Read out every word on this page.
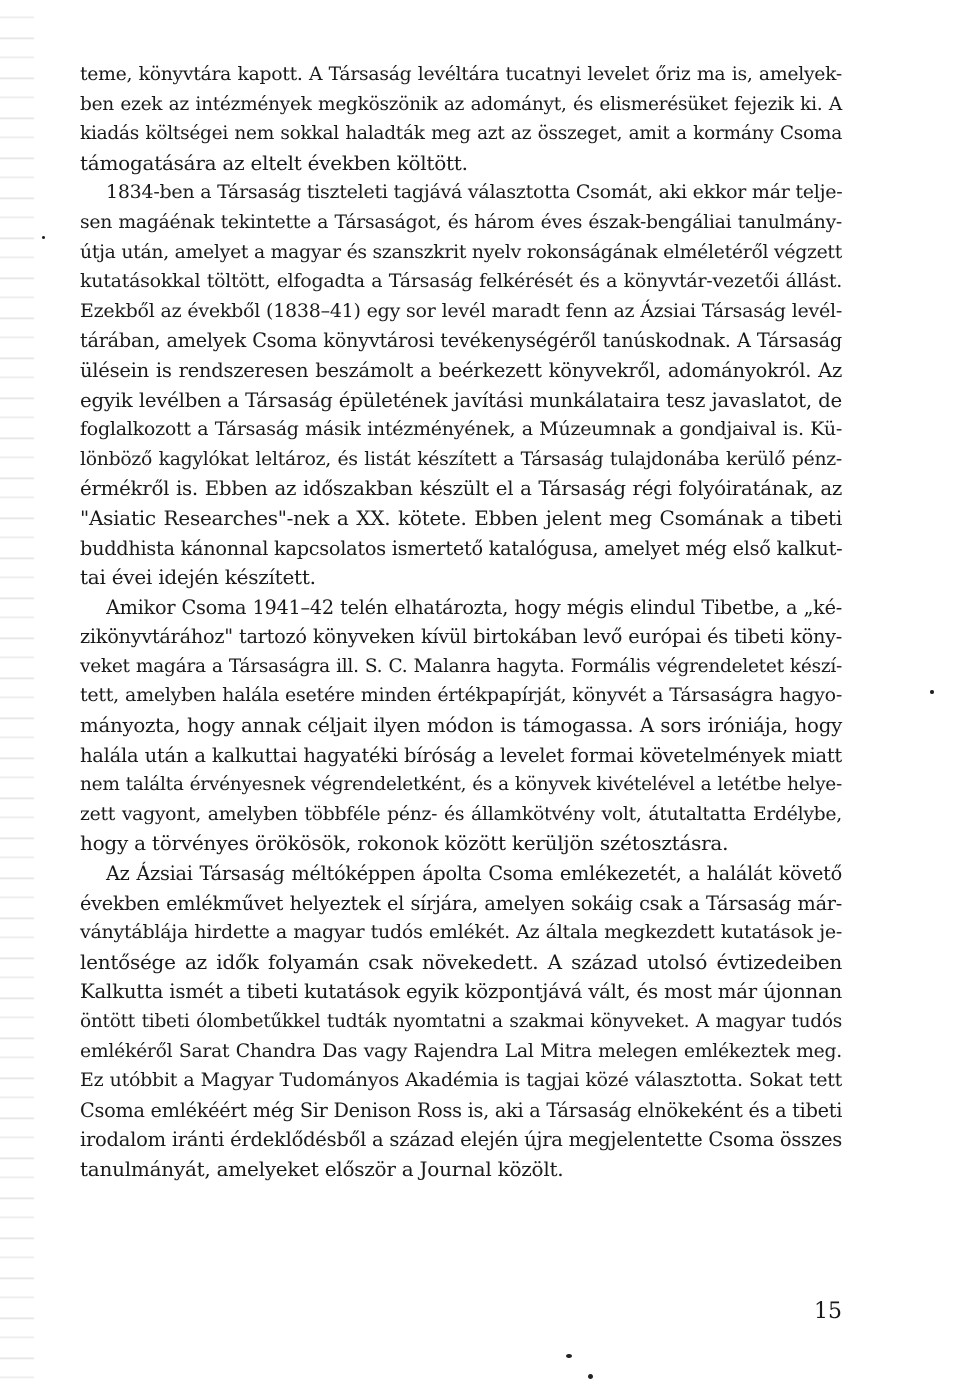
teme, könyvtára kapott. A Társaság levéltára tucatnyi levelet őriz ma is, amelyek-
ben ezek az intézmények megköszönik az adományt, és elismerésüket fejezik ki. A
kiadás költségei nem sokkal haladták meg azt az összeget, amit a kormány Csoma
támogatására az eltelt években költött.
1834-ben a Társaság tiszteleti tagjává választotta Csomát, aki ekkor már telje-
sen magáénak tekintette a Társaságot, és három éves észak-bengáliai tanulmány-
útja után, amelyet a magyar és szanszkrit nyelv rokonságának elméletéről végzett
kutatásokkal töltött, elfogadta a Társaság felkérését és a könyvtár-vezetői állást.
Ezekből az évekből (1838–41) egy sor levél maradt fenn az Ázsiai Társaság levél-
tárában, amelyek Csoma könyvtárosi tevékenységéről tanúskodnak. A Társaság
ülésein is rendszeresen beszámolt a beérkezett könyvekről, adományokról. Az
egyik levélben a Társaság épületének javítási munkálataira tesz javaslatot, de
foglalkozott a Társaság másik intézményének, a Múzeumnak a gondjaival is. Kü-
lönböző kagylókat leltároz, és listát készített a Társaság tulajdonába kerülő pénz-
érmékről is. Ebben az időszakban készült el a Társaság régi folyóiratának, az
"Asiatic Researches"-nek a XX. kötete. Ebben jelent meg Csomának a tibeti
buddhista kánonnal kapcsolatos ismertető katalógusa, amelyet még első kalkut-
tai évei idején készített.
Amikor Csoma 1941–42 telén elhatározta, hogy mégis elindul Tibetbe, a „ké-
zikönyvtárához" tartozó könyveken kívül birtokában levő európai és tibeti köny-
veket magára a Társaságra ill. S. C. Malanra hagyta. Formális végrendeletet készí-
tett, amelyben halála esetére minden értékpapírját, könyvét a Társaságra hagyo-
mányozta, hogy annak céljait ilyen módon is támogassa. A sors iróniája, hogy
halála után a kalkuttai hagyatéki bíróság a levelet formai követelmények miatt
nem találta érvényesnek végrendeletként, és a könyvek kivételével a letétbe helye-
zett vagyont, amelyben többféle pénz- és államkötvény volt, átutaltatta Erdélybe,
hogy a törvényes örökösök, rokonok között kerüljön szétosztásra.
Az Ázsiai Társaság méltóképpen ápolta Csoma emlékezetét, a halálát követő
években emlékművet helyeztek el sírjára, amelyen sokáig csak a Társaság már-
ványtáblája hirdette a magyar tudós emlékét. Az általa megkezdett kutatások je-
lentősége az idők folyamán csak növekedett. A század utolsó évtizedeiben
Kalkutta ismét a tibeti kutatások egyik központjává vált, és most már újonnan
öntött tibeti ólombetűkkel tudták nyomtatni a szakmai könyveket. A magyar tudós
emlékéről Sarat Chandra Das vagy Rajendra Lal Mitra melegen emlékeztek meg.
Ez utóbbit a Magyar Tudományos Akadémia is tagjai közé választotta. Sokat tett
Csoma emlékéért még Sir Denison Ross is, aki a Társaság elnökeként és a tibeti
irodalom iránti érdeklődésből a század elején újra megjelentette Csoma összes
tanulmányát, amelyeket először a Journal közölt.
15
